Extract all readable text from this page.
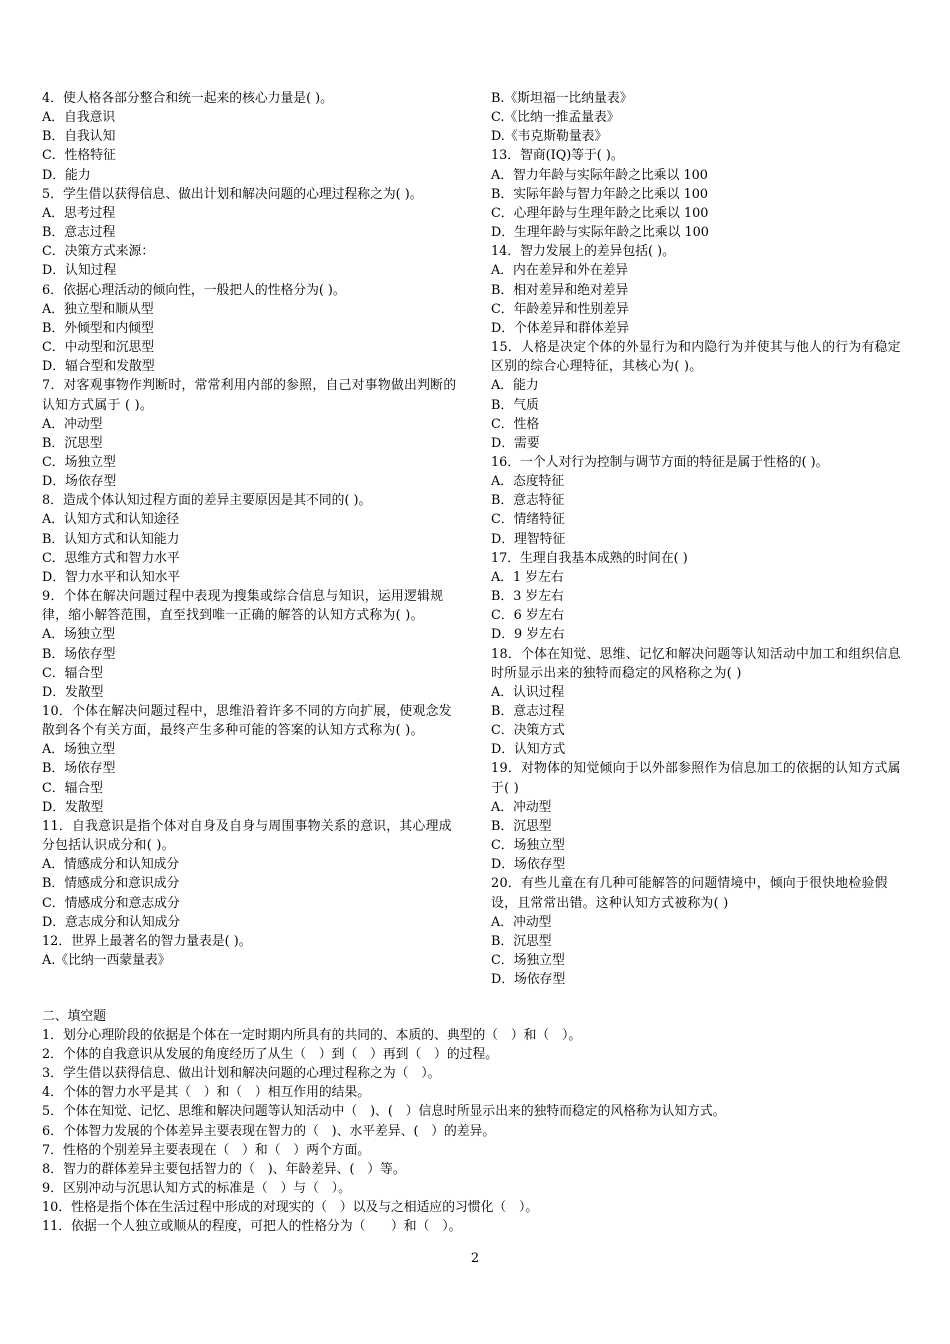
4．使人格各部分整合和统一起来的核心力量是( )。
A．自我意识
B．自我认知
C．性格特征
D．能力
5．学生借以获得信息、做出计划和解决问题的心理过程称之为( )。
A．思考过程
B．意志过程
C．决策方式来源：
D．认知过程
6．依据心理活动的倾向性，一般把人的性格分为( )。
A．独立型和顺从型
B．外倾型和内倾型
C．中动型和沉思型
D．辐合型和发散型
7．对客观事物作判断时，常常利用内部的参照，自己对事物做出判断的认知方式属于 ( )。
A．冲动型
B．沉思型
C．场独立型
D．场依存型
8．造成个体认知过程方面的差异主要原因是其不同的( )。
A．认知方式和认知途径
B．认知方式和认知能力
C．思维方式和智力水平
D．智力水平和认知水平
9．个体在解决问题过程中表现为搜集或综合信息与知识，运用逻辑规律，缩小解答范围，直至找到唯一正确的解答的认知方式称为( )。
A．场独立型
B．场依存型
C．辐合型
D．发散型
10．个体在解决问题过程中，思维沿着许多不同的方向扩展，使观念发散到各个有关方面，最终产生多种可能的答案的认知方式称为( )。
A．场独立型
B．场依存型
C．辐合型
D．发散型
11．自我意识是指个体对自身及自身与周围事物关系的意识，其心理成分包括认识成分和( )。
A．情感成分和认知成分
B．情感成分和意识成分
C．情感成分和意志成分
D．意志成分和认知成分
12．世界上最著名的智力量表是( )。
A.《比纳一西蒙量表》
B.《斯坦福一比纳量表》
C.《比纳一推孟量表》
D.《韦克斯勒量表》
13．智商(IQ)等于( )。
A．智力年龄与实际年龄之比乘以 100
B．实际年龄与智力年龄之比乘以 100
C．心理年龄与生理年龄之比乘以 100
D．生理年龄与实际年龄之比乘以 100
14．智力发展上的差异包括( )。
A．内在差异和外在差异
B．相对差异和绝对差异
C．年龄差异和性别差异
D．个体差异和群体差异
15．人格是决定个体的外显行为和内隐行为并使其与他人的行为有稳定区别的综合心理特征，其核心为( )。
A．能力
B．气质
C．性格
D．需要
16．一个人对行为控制与调节方面的特征是属于性格的( )。
A．态度特征
B．意志特征
C．情绪特征
D．理智特征
17．生理自我基本成熟的时间在( )
A．1 岁左右
B．3 岁左右
C．6 岁左右
D．9 岁左右
18．个体在知觉、思维、记忆和解决问题等认知活动中加工和组织信息时所显示出来的独特而稳定的风格称之为( )
A．认识过程
B．意志过程
C．决策方式
D．认知方式
19．对物体的知觉倾向于以外部参照作为信息加工的依据的认知方式属于( )
A．冲动型
B．沉思型
C．场独立型
D．场依存型
20．有些儿童在有几种可能解答的问题情境中，倾向于很快地检验假设，且常常出错。这种认知方式被称为( )
A．冲动型
B．沉思型
C．场独立型
D．场依存型
二、填空题
1．划分心理阶段的依据是个体在一定时期内所具有的共同的、本质的、典型的（　）和（　）。
2．个体的自我意识从发展的角度经历了从生（　）到（　）再到（　）的过程。
3．学生借以获得信息、做出计划和解决问题的心理过程称之为（　）。
4．个体的智力水平是其（　）和（　）相互作用的结果。
5．个体在知觉、记忆、思维和解决问题等认知活动中（　)、(　）信息时所显示出来的独特而稳定的风格称为认知方式。
6．个体智力发展的个体差异主要表现在智力的（　)、水平差异、(　）的差异。
7．性格的个别差异主要表现在（　）和（　）两个方面。
8．智力的群体差异主要包括智力的（　)、年龄差异、(　）等。
9．区别冲动与沉思认知方式的标准是（　）与（　）。
10．性格是指个体在生活过程中形成的对现实的（　）以及与之相适应的习惯化（　）。
11．依据一个人独立或顺从的程度，可把人的性格分为（　　）和（　）。
2
